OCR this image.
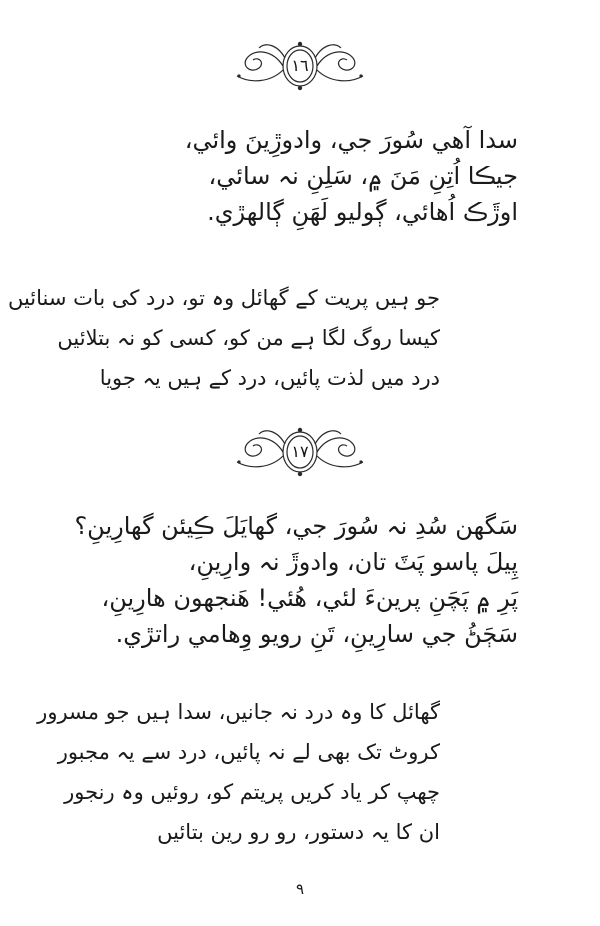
١٦
سدا آهي سُورَ جي، وادوڙِينَ وائي،
جيڪا اُتِنِ مَنَ ۾، سَلِنِ نہ سائي،
اوڙَڪ اُهائي، ڳوليو لَهَنِ ڳالهڙي.
جو ہیں پریت کے گھائل وہ تو، درد کی بات سنائیں
کیسا روگ لگا ہے من کو، کسی کو نہ بتلائیں
درد میں لذت پائیں، درد کے ہیں یہ جویا
١٧
سَگهن سُدِ نہ سُورَ جي، گهايَلَ ڪِيئن گهارِينِ؟
پِيلَ پاسو پَٽَ تان، وادوڙَ نہ وارِينِ،
پَرِ ۾ پَچَنِ پرينءَ لئي، هُئي! هَنجهون هارِينِ،
سَڄَڻُ جي سارِينِ، تَنِ رويو وِهامي راتڙي.
گھائل کا وہ درد نہ جانیں، سدا ہیں جو مسرور
کروٹ تک بھی لے نہ پائیں، درد سے یہ مجبور
چھپ کر یاد کریں پریتم کو، روئیں وہ رنجور
ان کا یہ دستور، رو رو رین بتائیں
٩
